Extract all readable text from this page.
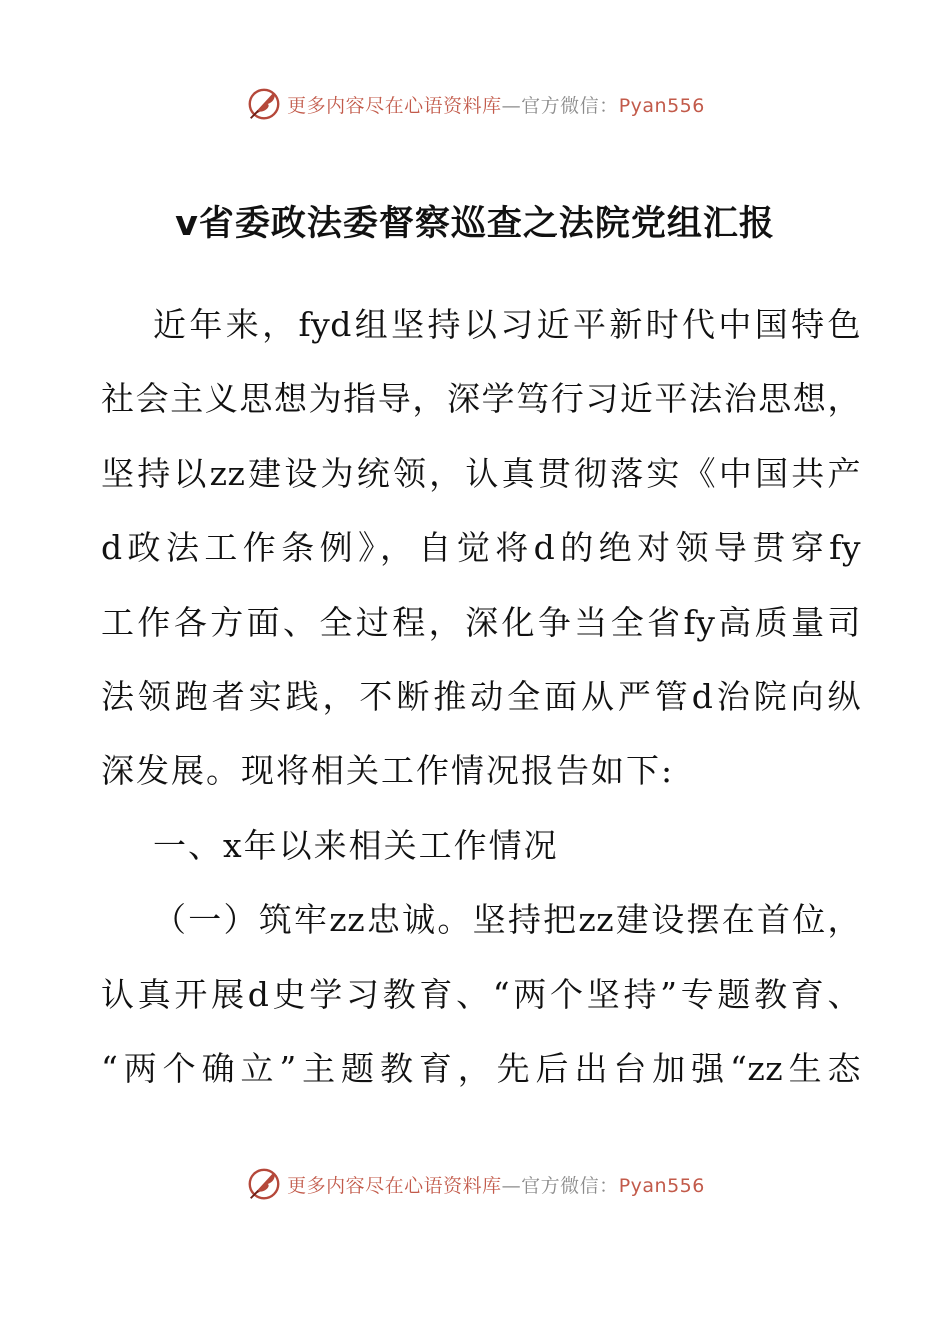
更多内容尽在心语资料库—官方微信：Pyan556
v省委政法委督察巡查之法院党组汇报
近年来，fyd组坚持以习近平新时代中国特色
社会主义思想为指导，深学笃行习近平法治思想，
坚持以zz建设为统领，认真贯彻落实《中国共产
d政法工作条例》，自觉将d的绝对领导贯穿fy
工作各方面、全过程，深化争当全省fy高质量司
法领跑者实践，不断推动全面从严管d治院向纵
深发展。现将相关工作情况报告如下:
一、x年以来相关工作情况
（一）筑牢zz忠诚。坚持把zz建设摆在首位，
认真开展d史学习教育、“两个坚持”专题教育、
“两个确立”主题教育，先后出台加强“zz生态
更多内容尽在心语资料库—官方微信：Pyan556
